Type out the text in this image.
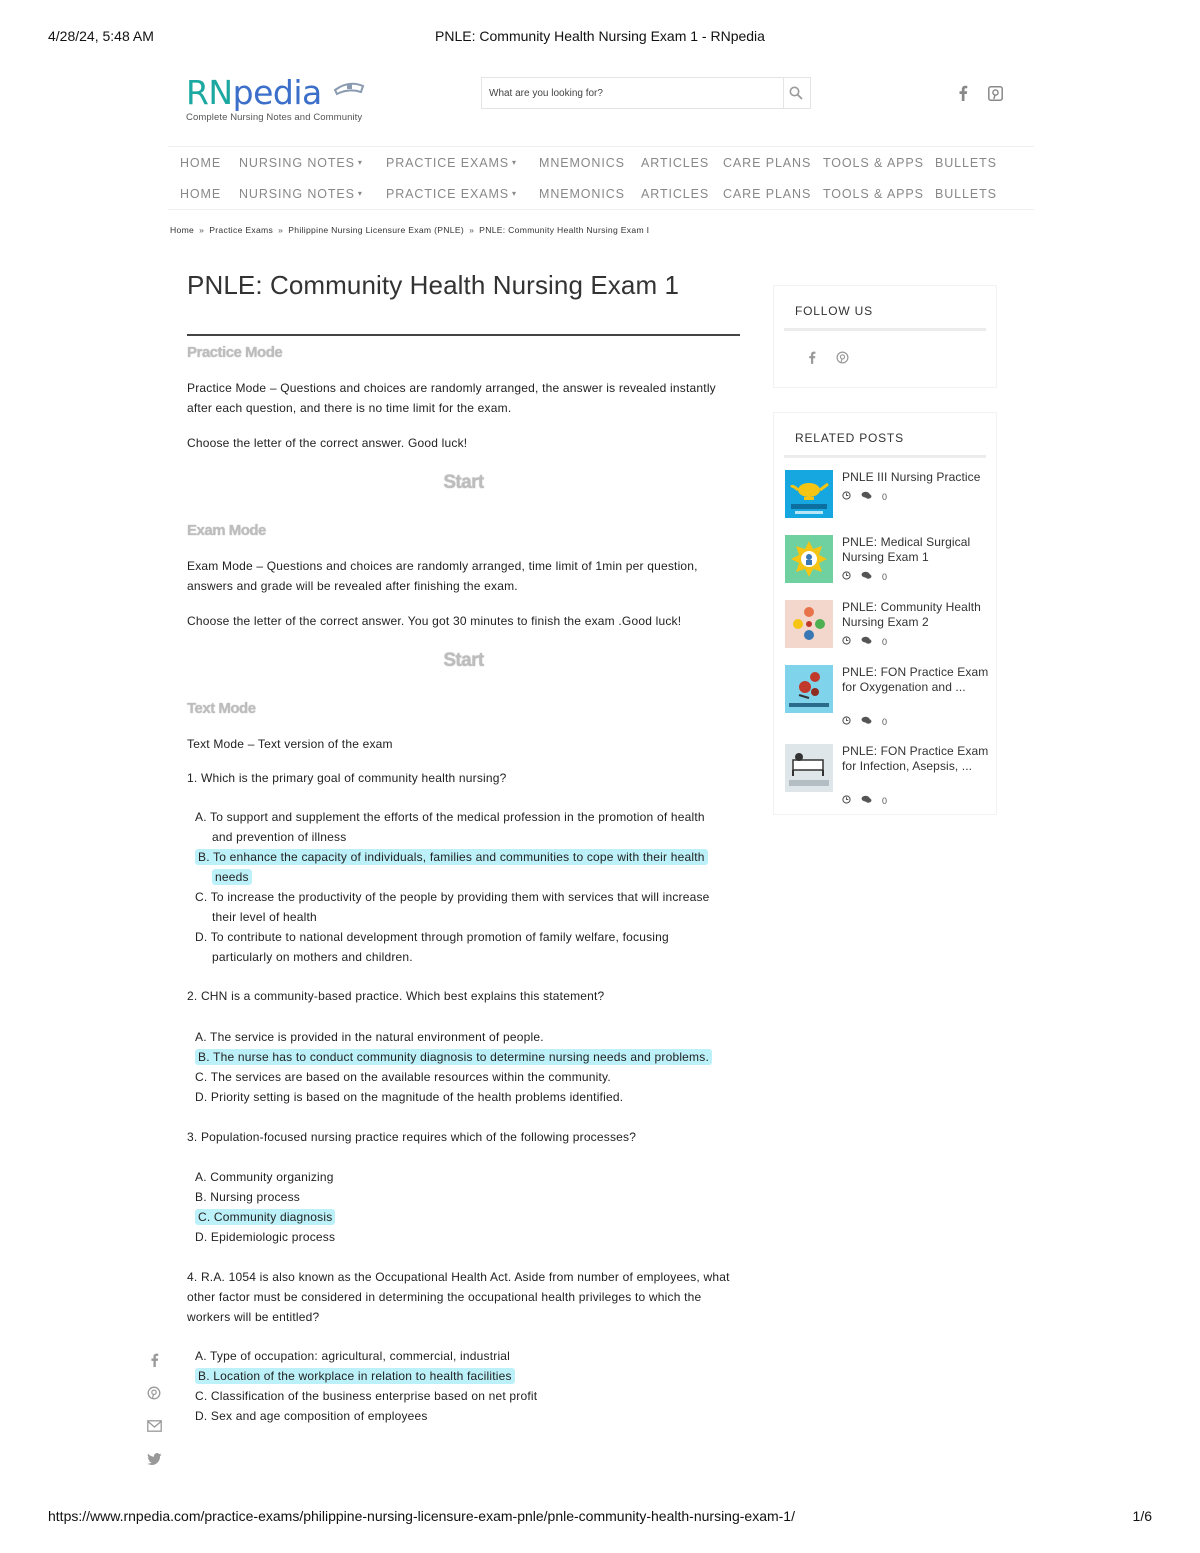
4/28/24, 5:48 AM	PNLE: Community Health Nursing Exam 1 - RNpedia
https://www.rnpedia.com/practice-exams/philippine-nursing-licensure-exam-pnle/pnle-community-health-nursing-exam-1/	1/6
RNpedia
Complete Nursing Notes and Community
What are you looking for?
HOME NURSING NOTES ▾ PRACTICE EXAMS ▾ MNEMONICS ARTICLES CARE PLANS TOOLS & APPS BULLETS
HOME NURSING NOTES ▾ PRACTICE EXAMS ▾ MNEMONICS ARTICLES CARE PLANS TOOLS & APPS BULLETS
Home » Practice Exams » Philippine Nursing Licensure Exam (PNLE) » PNLE: Community Health Nursing Exam I
PNLE: Community Health Nursing Exam 1
Practice Mode

Practice Mode – Questions and choices are randomly arranged, the answer is revealed instantly after each question, and there is no time limit for the exam.

Choose the letter of the correct answer. Good luck!

Start
Exam Mode

Exam Mode – Questions and choices are randomly arranged, time limit of 1min per question, answers and grade will be revealed after finishing the exam.

Choose the letter of the correct answer. You got 30 minutes to finish the exam .Good luck!

Start
Text Mode

Text Mode – Text version of the exam

1. Which is the primary goal of community health nursing?

A. To support and supplement the efforts of the medical profession in the promotion of health and prevention of illness
B. To enhance the capacity of individuals, families and communities to cope with their health needs
C. To increase the productivity of the people by providing them with services that will increase their level of health
D. To contribute to national development through promotion of family welfare, focusing particularly on mothers and children.

2. CHN is a community-based practice. Which best explains this statement?

A. The service is provided in the natural environment of people.
B. The nurse has to conduct community diagnosis to determine nursing needs and problems.
C. The services are based on the available resources within the community.
D. Priority setting is based on the magnitude of the health problems identified.

3. Population-focused nursing practice requires which of the following processes?

A. Community organizing
B. Nursing process
C. Community diagnosis
D. Epidemiologic process

4. R.A. 1054 is also known as the Occupational Health Act. Aside from number of employees, what other factor must be considered in determining the occupational health privileges to which the workers will be entitled?

A. Type of occupation: agricultural, commercial, industrial
B. Location of the workplace in relation to health facilities
C. Classification of the business enterprise based on net profit
D. Sex and age composition of employees
FOLLOW US
RELATED POSTS
PNLE III Nursing Practice
0
PNLE: Medical Surgical Nursing Exam 1
0
PNLE: Community Health Nursing Exam 2
0
PNLE: FON Practice Exam for Oxygenation and ...
0
PNLE: FON Practice Exam for Infection, Asepsis, ...
0
